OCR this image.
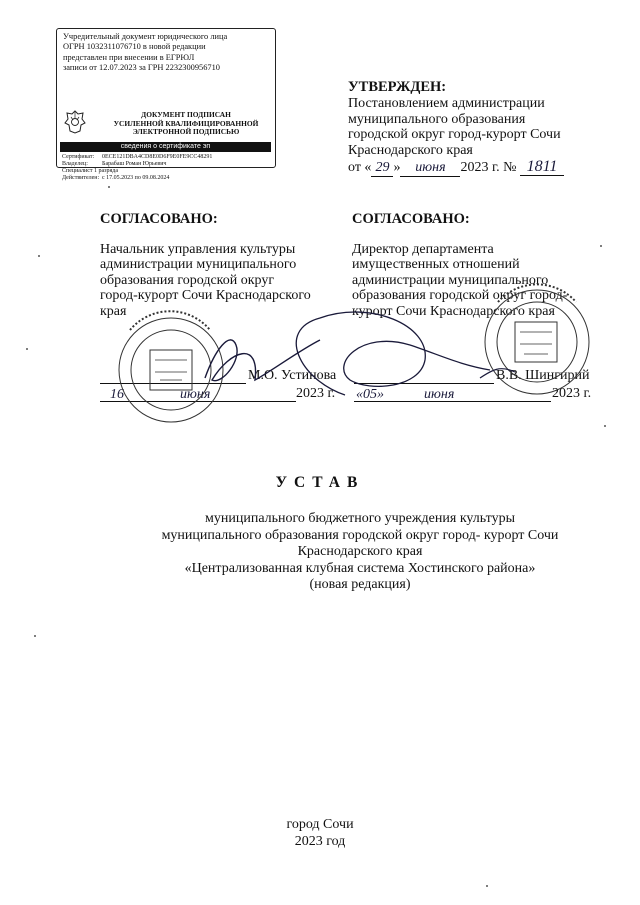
Учредительный документ юридического лица
ОГРН 1032311076710 в новой редакции
представлен при внесении в ЕГРЮЛ
записи от 12.07.2023 за ГРН 2232300956710
ДОКУМЕНТ ПОДПИСАН
УСИЛЕННОЙ КВАЛИФИЦИРОВАННОЙ
ЭЛЕКТРОННОЙ ПОДПИСЬЮ
сведения о сертификате эп
Сертификат: 0ECE121DBA4CD8E0D6F9E0FE9CC48291
Владелец: Барабаш Роман Юрьевич
Специалист 1 разряда
Действителен: с 17.05.2023 по 09.08.2024
УТВЕРЖДЕН:
Постановлением администрации
муниципального образования
городской округ город-курорт Сочи
Краснодарского края
от « 29 » июня 2023 г. № 1811
СОГЛАСОВАНО:
Начальник управления культуры
администрации муниципального
образования городской округ
город-курорт Сочи Краснодарского
края
М.О. Устинова
16	июня	2023 г.
СОГЛАСОВАНО:
Директор департамента
имущественных отношений
администрации муниципального
образования городской округ город-
курорт Сочи Краснодарского края
В.В. Шингирий
«05»	июня	2023 г.
УСТАВ
муниципального бюджетного учреждения культуры
муниципального образования городской округ город- курорт Сочи
Краснодарского края
«Централизованная клубная система Хостинского района»
(новая редакция)
город Сочи
2023 год
